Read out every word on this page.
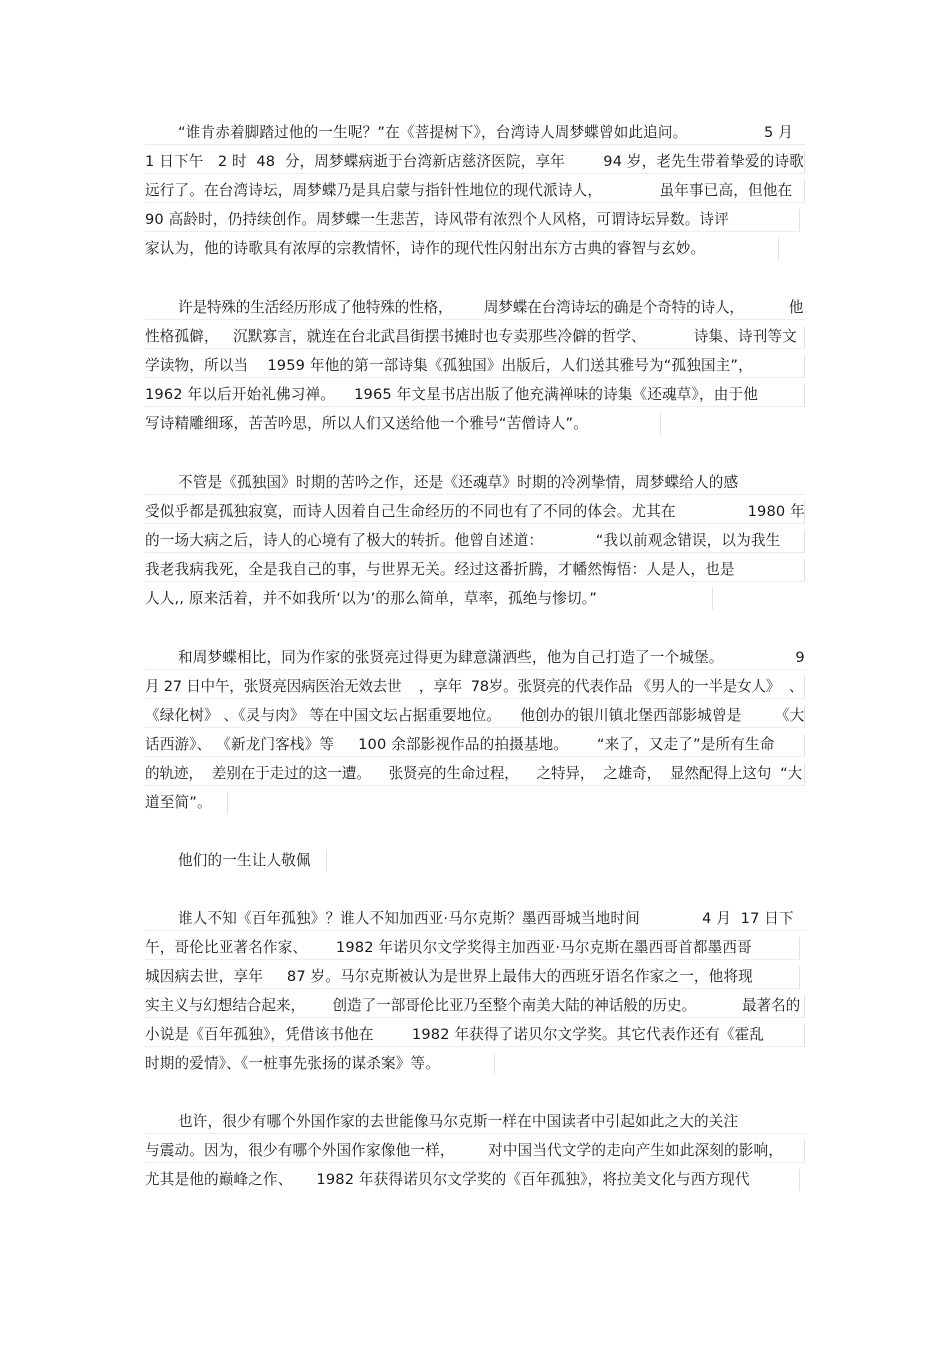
“谁肯赤着脚踏过他的一生呢？”在《菩提树下》，台湾诗人周梦蝶曾如此追问。                5 月
1 日下午   2 时  48  分，周梦蝶病逝于台湾新店慈济医院，享年        94 岁，老先生带着挚爱的诗歌
远行了。在台湾诗坛，周梦蝶乃是具启蒙与指针性地位的现代派诗人，            虽年事已高，但他在
90 高龄时，仍持续创作。周梦蝶一生悲苦，诗风带有浓烈个人风格，可谓诗坛异数。诗评
家认为，他的诗歌具有浓厚的宗教情怀，诗作的现代性闪射出东方古典的睿智与玄妙。
许是特殊的生活经历形成了他特殊的性格，       周梦蝶在台湾诗坛的确是个奇特的诗人，          他
性格孤僻，   沉默寡言，就连在台北武昌街摆书摊时也专卖那些冷僻的哲学、          诗集、诗刊等文
学读物，所以当    1959 年他的第一部诗集《孤独国》出版后，人们送其雅号为“孤独国主”，
1962 年以后开始礼佛习禅。    1965 年文星书店出版了他充满禅味的诗集《还魂草》，由于他
写诗精雕细琢，苦苦吟思，所以人们又送给他一个雅号“苦僧诗人”。
不管是《孤独国》时期的苦吟之作，还是《还魂草》时期的冷冽挚情，周梦蝶给人的感
受似乎都是孤独寂寞，而诗人因着自己生命经历的不同也有了不同的体会。尤其在               1980 年
的一场大病之后，诗人的心境有了极大的转折。他曾自述道：           “我以前观念错误，以为我生
我老我病我死，全是我自己的事，与世界无关。经过这番折腾，才幡然悔悟：人是人，也是
人人,, 原来活着，并不如我所‘以为’的那么简单，草率，孤绝与惨切。”
和周梦蝶相比，同为作家的张贤亮过得更为肆意潇洒些，他为自己打造了一个城堡。               9
月 27 日中午，张贤亮因病医治无效去世    ，享年  78岁。张贤亮的代表作品 《男人的一半是女人》  、
《绿化树》 、《灵与肉》 等在中国文坛占据重要地位。    他创办的银川镇北堡西部影城曾是       《大
话西游》、 《新龙门客栈》等     100 余部影视作品的拍摄基地。      “来了，又走了”是所有生命
的轨迹，  差别在于走过的这一遭。    张贤亮的生命过程，    之特异，  之雄奇，  显然配得上这句  “大
道至简”。
他们的一生让人敬佩
谁人不知《百年孤独》？谁人不知加西亚·马尔克斯？墨西哥城当地时间             4 月  17 日下
午，哥伦比亚著名作家、      1982 年诺贝尔文学奖得主加西亚·马尔克斯在墨西哥首都墨西哥
城因病去世，享年     87 岁。马尔克斯被认为是世界上最伟大的西班牙语名作家之一，他将现
实主义与幻想结合起来，      创造了一部哥伦比亚乃至整个南美大陆的神话般的历史。          最著名的
小说是《百年孤独》，凭借该书他在        1982 年获得了诺贝尔文学奖。其它代表作还有《霍乱
时期的爱情》、《一桩事先张扬的谋杀案》等。
也许，很少有哪个外国作家的去世能像马尔克斯一样在中国读者中引起如此之大的关注
与震动。因为，很少有哪个外国作家像他一样，       对中国当代文学的走向产生如此深刻的影响，
尤其是他的巅峰之作、     1982 年获得诺贝尔文学奖的《百年孤独》，将拉美文化与西方现代
